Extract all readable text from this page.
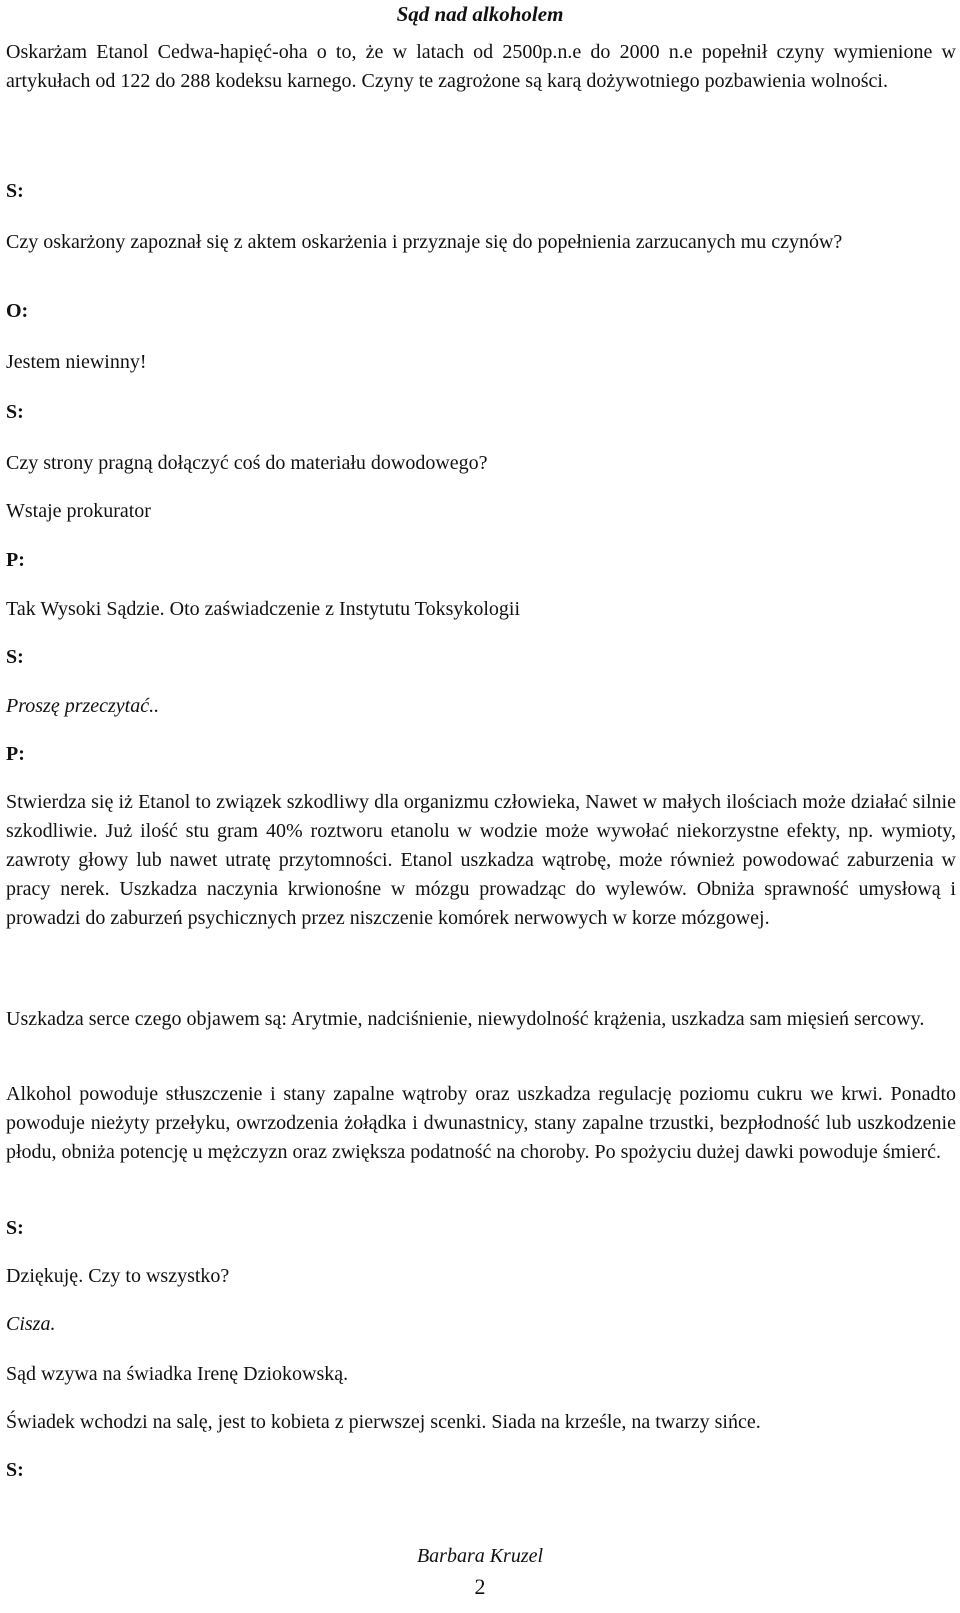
Sąd nad alkoholem

Oskarżam Etanol Cedwa-hapięć-oha o to, że w latach od 2500p.n.e do 2000 n.e popełnił czyny wymienione w artykułach od 122 do 288 kodeksu karnego. Czyny te zagrożone są karą dożywotniego pozbawienia wolności.

S:

Czy oskarżony zapoznał się z aktem oskarżenia i przyznaje się do popełnienia zarzucanych mu czynów?

O:

Jestem niewinny!

S:

Czy strony pragną dołączyć coś do materiału dowodowego?

Wstaje prokurator

P:

Tak Wysoki Sądzie. Oto zaświadczenie z Instytutu Toksykologii

S:

Proszę przeczytać..

P:

Stwierdza się iż Etanol to związek szkodliwy dla organizmu człowieka, Nawet w małych ilościach może działać silnie szkodliwie. Już ilość stu gram 40% roztworu etanolu w wodzie może wywołać niekorzystne efekty, np. wymioty, zawroty głowy lub nawet utratę przytomności. Etanol uszkadza wątrobę, może również powodować zaburzenia w pracy nerek. Uszkadza naczynia krwionośne w mózgu prowadząc do wylewów. Obniża sprawność umysłową i prowadzi do zaburzeń psychicznych przez niszczenie komórek nerwowych w korze mózgowej.

Uszkadza serce czego objawem są: Arytmie, nadciśnienie, niewydolność krążenia, uszkadza sam mięsień sercowy.

Alkohol powoduje stłuszczenie i stany zapalne wątroby oraz uszkadza regulację poziomu cukru we krwi. Ponadto powoduje nieżyty przełyku, owrzodzenia żołądka i dwunastnicy, stany zapalne trzustki, bezpłodność lub uszkodzenie płodu, obniża potencję u mężczyzn oraz zwiększa podatność na choroby. Po spożyciu dużej dawki powoduje śmierć.

S:

Dziękuję. Czy to wszystko?

Cisza.

Sąd wzywa na świadka Irenę Dziokowską.

Świadek wchodzi na salę, jest to kobieta z pierwszej scenki. Siada na krześle, na twarzy sińce.

S:

Barbara Kruzel
2
